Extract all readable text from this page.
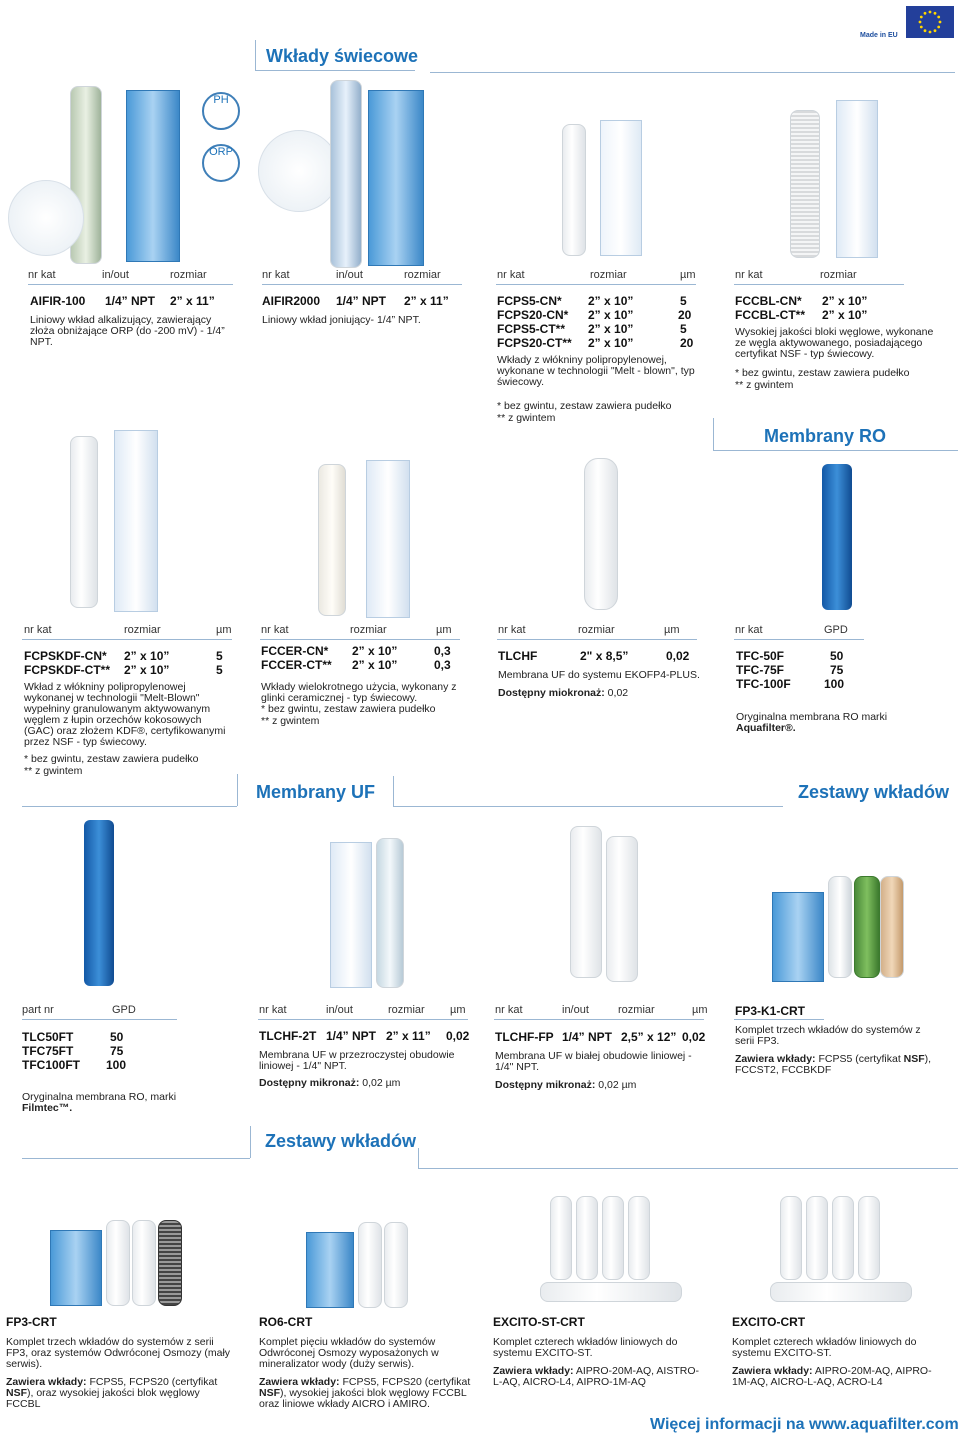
Made in EU
Wkłady świecowe
PH
ORP
nr kat	in/out	rozmiar
AIFIR-100 1/4” NPT 2” x 11”
Liniowy wkład alkalizujący, zawierający złoża obniżające ORP (do -200 mV) - 1/4” NPT.
nr kat	in/out	rozmiar
AIFIR2000 1/4” NPT 2” x 11”
Liniowy wkład joniujący- 1/4” NPT.
nr kat	rozmiar	µm
FCPS5-CN* 2” x 10”	5
FCPS20-CN* 2” x 10”	20
FCPS5-CT** 2” x 10”	5
FCPS20-CT** 2” x 10”	20
Wkłady z włókniny polipropylenowej, wykonane w technologii "Melt - blown", typ świecowy.
* bez gwintu, zestaw zawiera pudełko
** z gwintem
nr kat	rozmiar
FCCBL-CN* 2” x 10”
FCCBL-CT** 2” x 10”
Wysokiej jakości bloki węglowe, wykonane ze węgla aktywowanego, posiadającego certyfikat NSF - typ świecowy.
* bez gwintu, zestaw zawiera pudełko
** z gwintem
Membrany RO
nr kat	rozmiar	µm
FCPSKDF-CN* 2” x 10”	5
FCPSKDF-CT** 2” x 10”	5
Wkład z włókniny polipropylenowej wykonanej w technologii "Melt-Blown" wypełniny granulowanym aktywowanym węglem z łupin orzechów kokosowych (GAC) oraz złożem KDF®, certyfikowanymi przez NSF - typ świecowy.
* bez gwintu, zestaw zawiera pudełko
** z gwintem
nr kat	rozmiar	µm
FCCER-CN* 2” x 10”	0,3
FCCER-CT** 2” x 10”	0,3
Wkłady wielokrotnego użycia, wykonany z glinki ceramicznej - typ świecowy.
* bez gwintu, zestaw zawiera pudełko
** z gwintem
nr kat	rozmiar	µm
TLCHF	2" x 8,5”	0,02
Membrana UF do systemu EKOFP4-PLUS.
Dostępny miokronaż: 0,02
nr kat	GPD
TFC-50F	50
TFC-75F	75
TFC-100F	100
Oryginalna membrana RO marki
Aquafilter®.
Membrany UF	Zestawy wkładów
part nr	GPD
TLC50FT	50
TFC75FT	75
TFC100FT 100
Oryginalna membrana RO, marki
Filmtec™.
nr kat	in/out	rozmiar µm
TLCHF-2T 1/4” NPT 2” x 11” 0,02
Membrana UF w przezroczystej obudowie liniowej - 1/4" NPT.
Dostępny mikronaż: 0,02 µm
nr kat	in/out	rozmiar	µm
TLCHF-FP 1/4” NPT 2,5” x 12” 0,02
Membrana UF w białej obudowie liniowej - 1/4" NPT.
Dostępny mikronaż: 0,02 µm
FP3-K1-CRT
Komplet trzech wkładów do systemów z serii FP3.
Zawiera wkłady: FCPS5 (certyfikat NSF), FCCST2, FCCBKDF
Zestawy wkładów
FP3-CRT
Komplet trzech wkładów do systemów z serii FP3, oraz systemów Odwróconej Osmozy (mały serwis).
Zawiera wkłady: FCPS5, FCPS20 (certyfikat NSF), oraz wysokiej jakości blok węglowy FCCBL
RO6-CRT
Komplet pięciu wkładów do systemów Odwróconej Osmozy wyposażonych w mineralizator wody (duży serwis).
Zawiera wkłady: FCPS5, FCPS20 (certyfikat NSF), wysokiej jakości blok węglowy FCCBL oraz liniowe wkłady AICRO i AMIRO.
EXCITO-ST-CRT
Komplet czterech wkładów liniowych do systemu EXCITO-ST.
Zawiera wkłady: AIPRO-20M-AQ, AISTRO-L-AQ, AICRO-L4, AIPRO-1M-AQ
EXCITO-CRT
Komplet czterech wkładów liniowych do systemu EXCITO-ST.
Zawiera wkłady: AIPRO-20M-AQ, AIPRO-1M-AQ, AICRO-L-AQ, ACRO-L4
Więcej informacji na www.aquafilter.com
